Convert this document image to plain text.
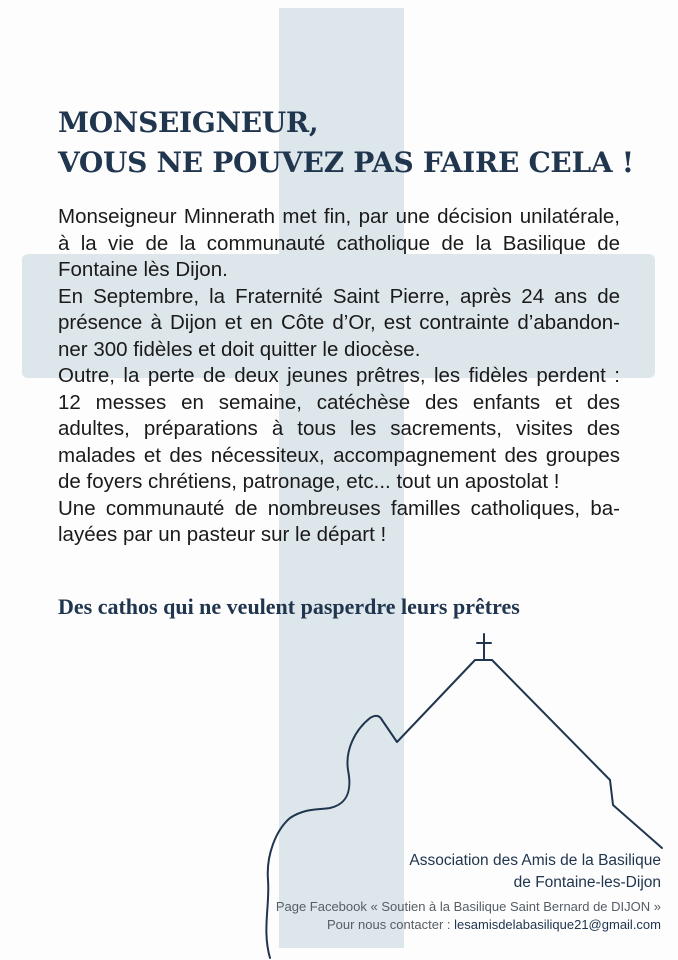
MONSEIGNEUR,
VOUS NE POUVEZ PAS FAIRE CELA !

Monseigneur Minnerath met fin, par une décision unilatérale, à la vie de la communauté catholique de la Basilique de Fontaine lès Dijon.

En Septembre, la Fraternité Saint Pierre, après 24 ans de présence à Dijon et en Côte d’Or, est contrainte d’abandonner 300 fidèles et doit quitter le diocèse.

Outre, la perte de deux jeunes prêtres, les fidèles perdent : 12 messes en semaine, catéchèse des enfants et des adultes, préparations à tous les sacrements, visites des malades et des nécessiteux, accompagnement des groupes de foyers chrétiens, patronage, etc... tout un apostolat !

Une communauté de nombreuses familles catholiques, balayées par un pasteur sur le départ !

Des cathos qui ne veulent pasperdre leurs prêtres

Association des Amis de la Basilique
de Fontaine-les-Dijon
Page Facebook « Soutien à la Basilique Saint Bernard de DIJON »
Pour nous contacter : lesamisdelabasilique21@gmail.com
